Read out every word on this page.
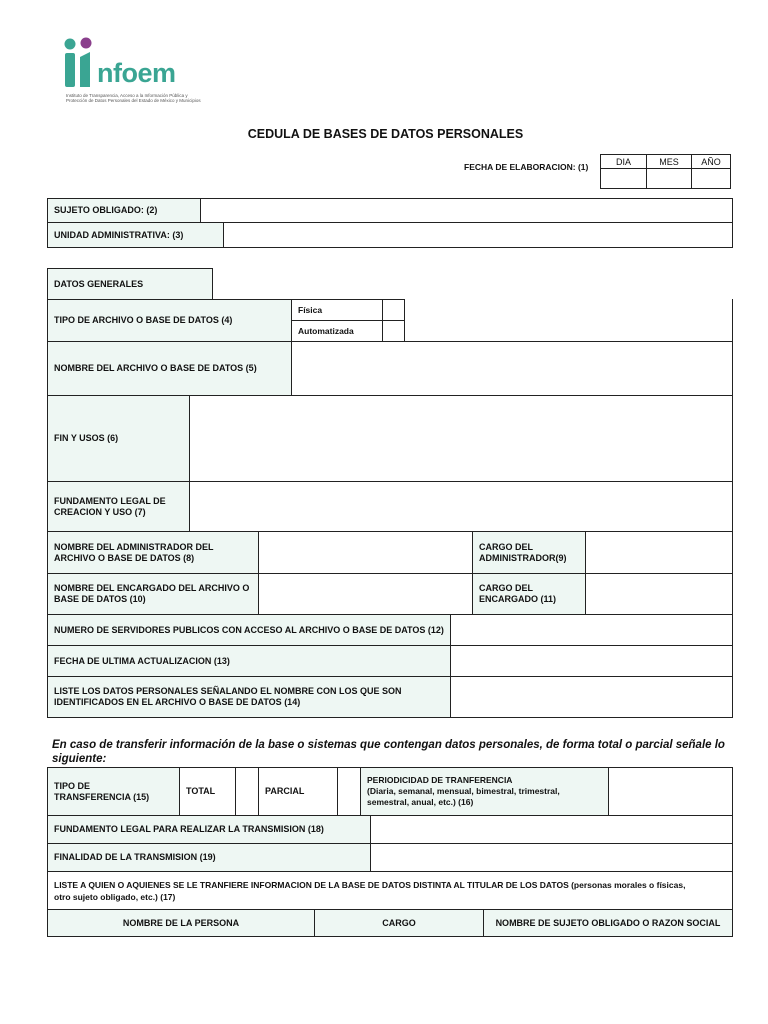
nfoem
Instituto de Transparencia, Acceso a la Información Pública y
Protección de Datos Personales del Estado de México y Municipios
CEDULA DE BASES DE DATOS PERSONALES
FECHA DE ELABORACION: (1)
DIA	MES	AÑO
SUJETO OBLIGADO: (2)
UNIDAD ADMINISTRATIVA: (3)
DATOS GENERALES
TIPO DE ARCHIVO O BASE DE DATOS (4)
Física
Automatizada
NOMBRE DEL ARCHIVO O BASE DE DATOS (5)
FIN Y USOS (6)
FUNDAMENTO LEGAL DE
CREACION Y USO (7)
NOMBRE DEL ADMINISTRADOR DEL
ARCHIVO O BASE DE DATOS (8)
CARGO DEL
ADMINISTRADOR(9)
NOMBRE DEL ENCARGADO DEL ARCHIVO O
BASE DE DATOS (10)
CARGO DEL
ENCARGADO (11)
NUMERO DE SERVIDORES PUBLICOS CON ACCESO AL ARCHIVO O BASE DE DATOS (12)
FECHA DE ULTIMA ACTUALIZACION (13)
LISTE LOS DATOS PERSONALES SEÑALANDO EL NOMBRE CON LOS QUE SON
IDENTIFICADOS EN EL ARCHIVO O BASE DE DATOS (14)
En caso de transferir información de la base o sistemas que contengan datos personales, de forma total o parcial señale lo
siguiente:
TIPO DE
TRANSFERENCIA (15)
TOTAL	PARCIAL
PERIODICIDAD DE TRANFERENCIA
(Diaria, semanal, mensual, bimestral, trimestral,
semestral, anual, etc.) (16)
FUNDAMENTO LEGAL PARA REALIZAR LA TRANSMISION (18)
FINALIDAD DE LA TRANSMISION (19)
LISTE A QUIEN O AQUIENES SE LE TRANFIERE INFORMACION DE LA BASE DE DATOS DISTINTA AL TITULAR DE LOS DATOS (personas morales o físicas,
otro sujeto obligado, etc.) (17)
NOMBRE DE LA PERSONA	CARGO	NOMBRE DE SUJETO OBLIGADO O RAZON SOCIAL
